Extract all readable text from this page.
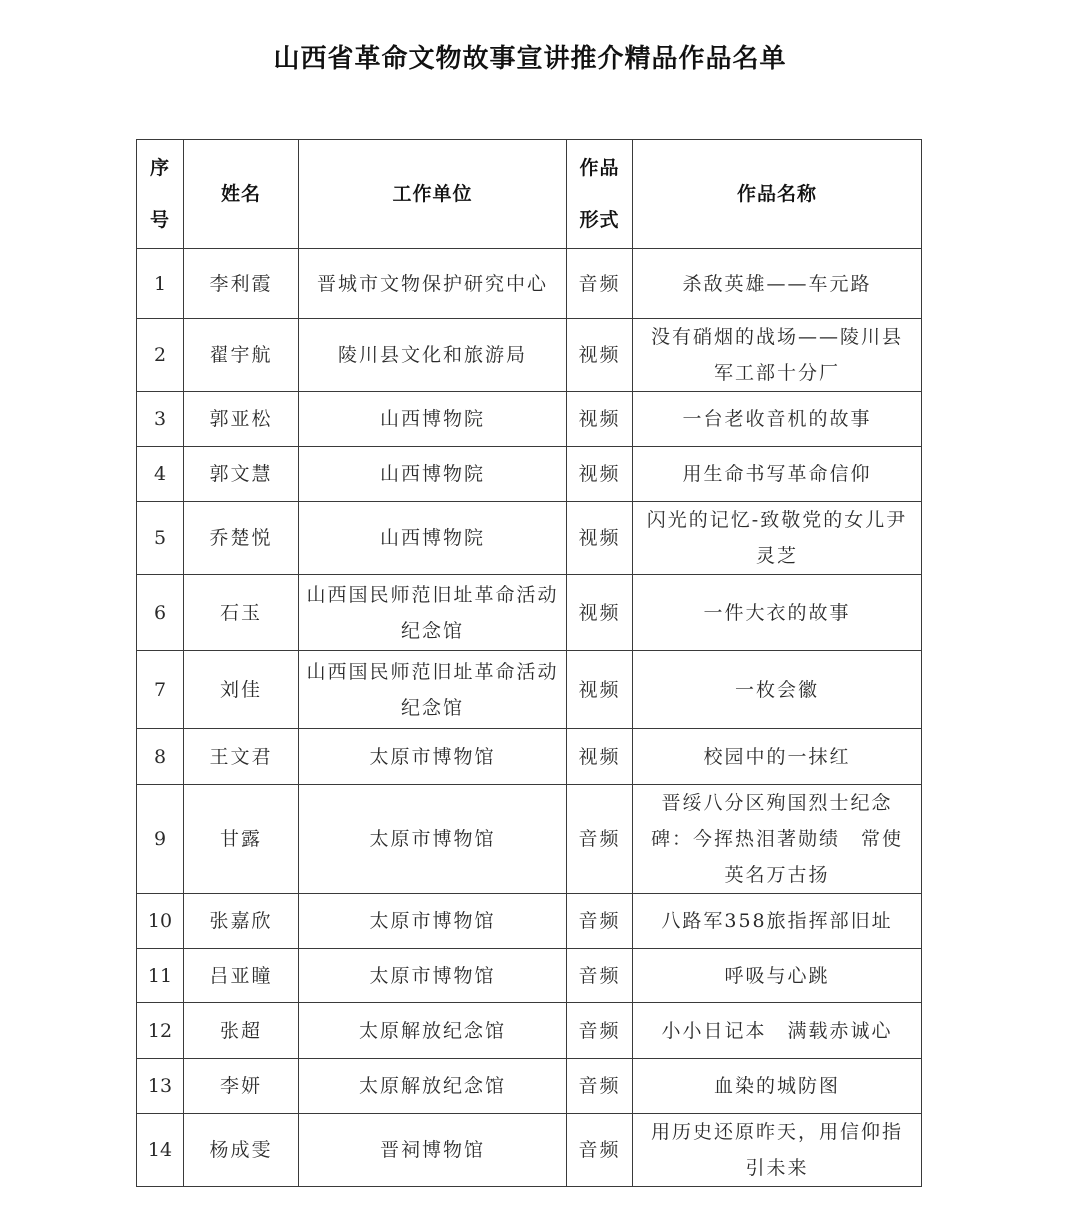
山西省革命文物故事宣讲推介精品作品名单
序号	姓名	工作单位	作品形式	作品名称
1	李利霞	晋城市文物保护研究中心	音频	杀敌英雄——车元路
2	翟宇航	陵川县文化和旅游局	视频	没有硝烟的战场——陵川县军工部十分厂
3	郭亚松	山西博物院	视频	一台老收音机的故事
4	郭文慧	山西博物院	视频	用生命书写革命信仰
5	乔楚悦	山西博物院	视频	闪光的记忆-致敬党的女儿尹灵芝
6	石玉	山西国民师范旧址革命活动纪念馆	视频	一件大衣的故事
7	刘佳	山西国民师范旧址革命活动纪念馆	视频	一枚会徽
8	王文君	太原市博物馆	视频	校园中的一抹红
9	甘露	太原市博物馆	音频	晋绥八分区殉国烈士纪念碑：今挥热泪著勋绩　常使英名万古扬
10	张嘉欣	太原市博物馆	音频	八路军358旅指挥部旧址
11	吕亚瞳	太原市博物馆	音频	呼吸与心跳
12	张超	太原解放纪念馆	音频	小小日记本　满载赤诚心
13	李妍	太原解放纪念馆	音频	血染的城防图
14	杨成雯	晋祠博物馆	音频	用历史还原昨天，用信仰指引未来
